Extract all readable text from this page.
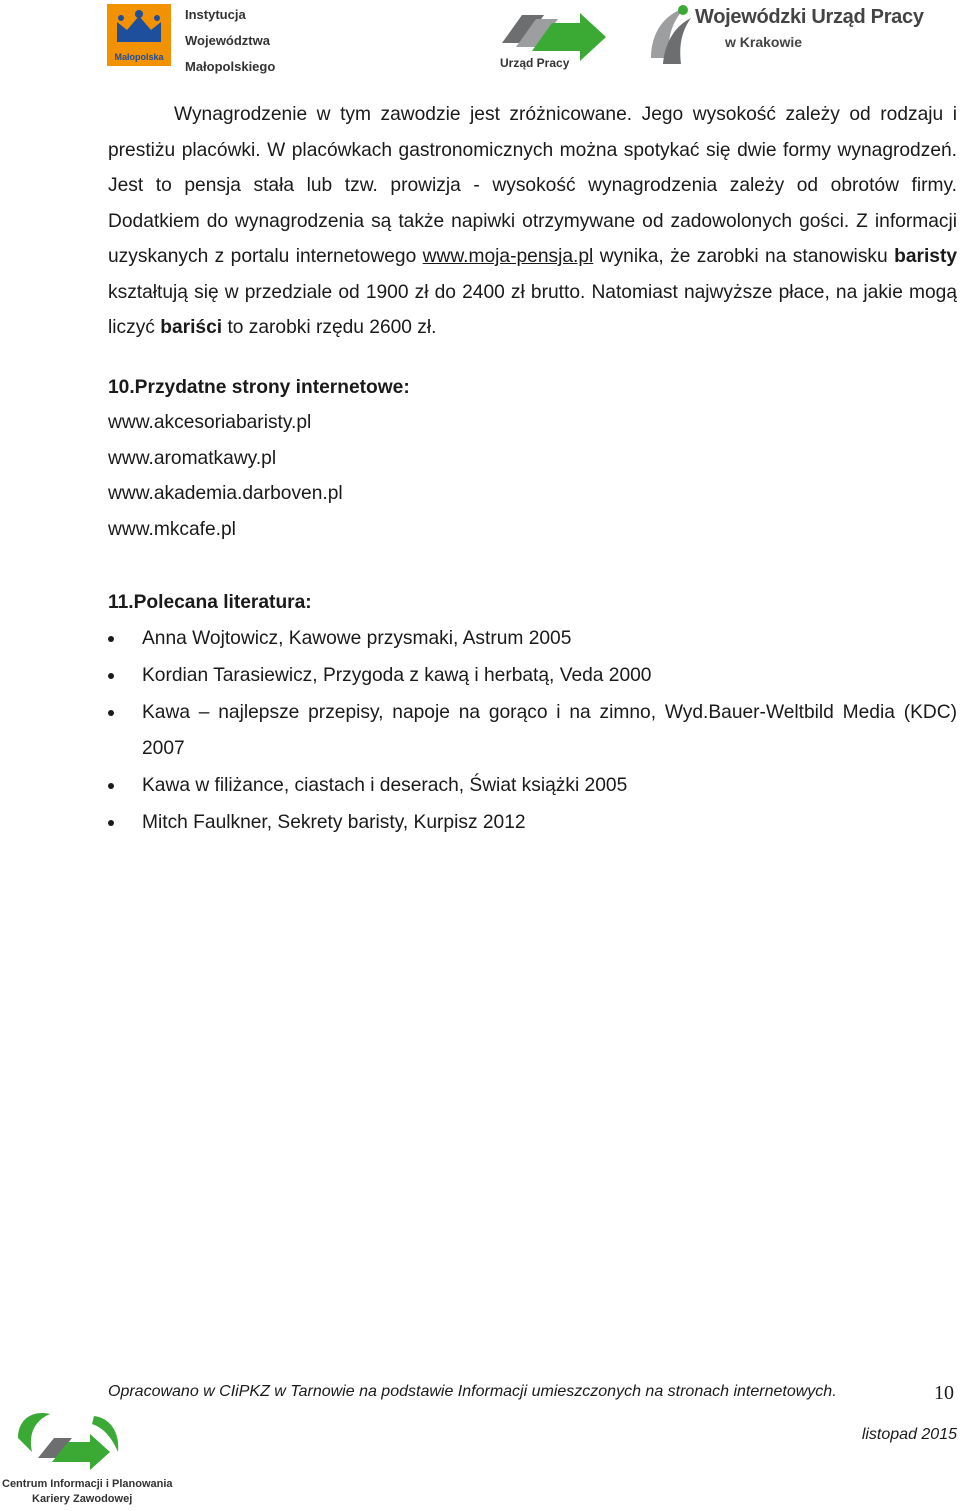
Małopolska
Instytucja
Województwa
Małopolskiego	Urząd Pracy
Wojewódzki Urząd Pracy
w Krakowie

Wynagrodzenie w tym zawodzie jest zróżnicowane. Jego wysokość zależy od rodzaju i prestiżu placówki. W placówkach gastronomicznych można spotykać się dwie formy wynagrodzeń. Jest to pensja stała lub tzw. prowizja - wysokość wynagrodzenia zależy od obrotów firmy. Dodatkiem do wynagrodzenia są także napiwki otrzymywane od zadowolonych gości. Z informacji uzyskanych z portalu internetowego www.moja-pensja.pl wynika, że zarobki na stanowisku baristy kształtują się w przedziale od 1900 zł do 2400 zł brutto. Natomiast najwyższe płace, na jakie mogą liczyć bariści to zarobki rzędu 2600 zł.

10.Przydatne strony internetowe:

www.akcesoriabaristy.pl
www.aromatkawy.pl
www.akademia.darboven.pl
www.mkcafe.pl

11.Polecana literatura:

Anna Wojtowicz, Kawowe przysmaki, Astrum 2005
Kordian Tarasiewicz, Przygoda z kawą i herbatą, Veda 2000
Kawa – najlepsze przepisy, napoje na gorąco i na zimno, Wyd.Bauer-Weltbild Media (KDC) 2007
Kawa w filiżance, ciastach i deserach, Świat książki 2005
Mitch Faulkner, Sekrety baristy, Kurpisz 2012
Opracowano w CIiPKZ w Tarnowie na podstawie Informacji umieszczonych na stronach internetowych.	10
listopad 2015
Centrum Informacji i Planowania
Kariery Zawodowej
